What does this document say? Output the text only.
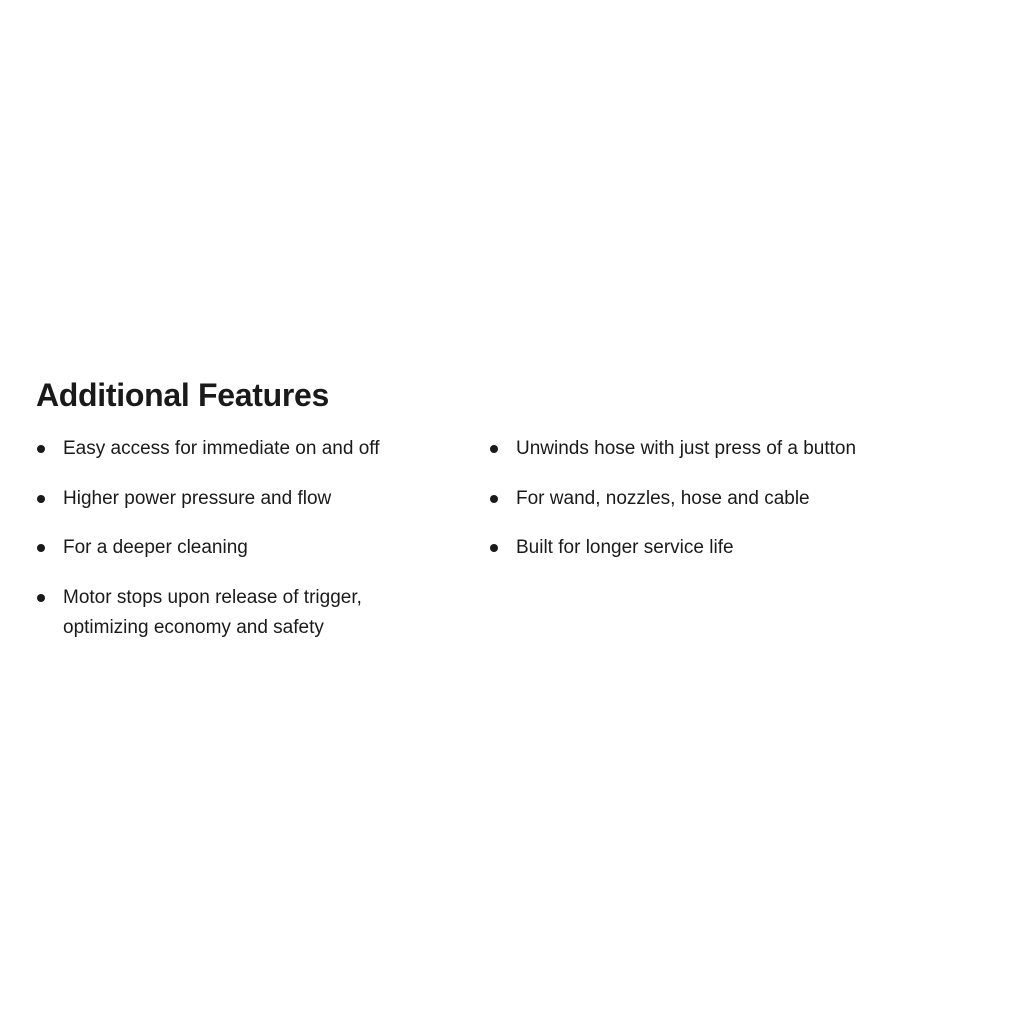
Additional Features
Easy access for immediate on and off
Higher power pressure and flow
For a deeper cleaning
Motor stops upon release of trigger, optimizing economy and safety
Unwinds hose with just press of a button
For wand, nozzles, hose and cable
Built for longer service life
